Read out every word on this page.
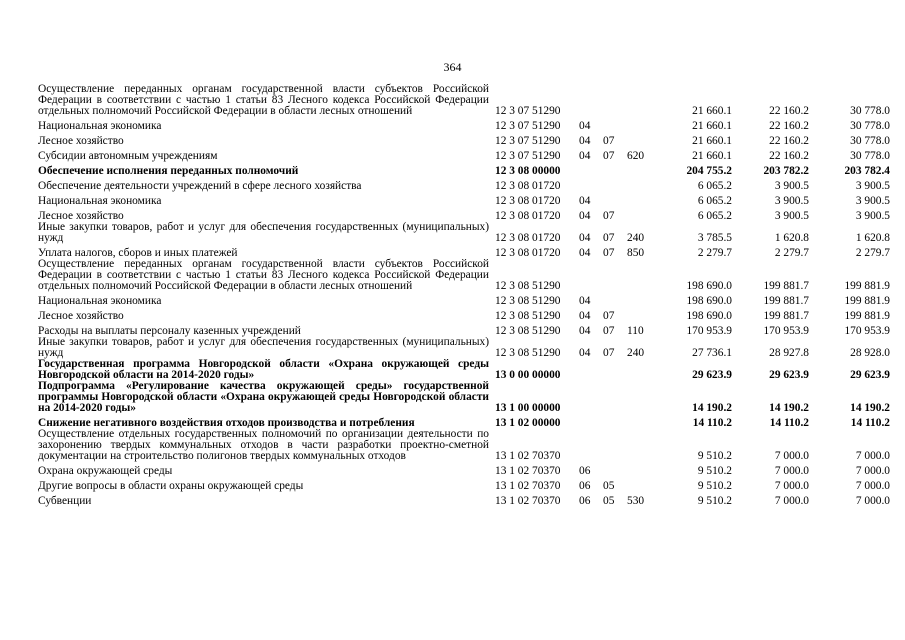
364
Осуществление переданных органам государственной власти субъектов Российской Федерации в соответствии с частью 1 статьи 83 Лесного кодекса Российской Федерации отдельных полномочий Российской Федерации в области лесных отношений	12 3 07 51290				21 660.1	22 160.2	30 778.0
Национальная экономика	12 3 07 51290	04			21 660.1	22 160.2	30 778.0
Лесное хозяйство	12 3 07 51290	04	07		21 660.1	22 160.2	30 778.0
Субсидии автономным учреждениям	12 3 07 51290	04	07	620	21 660.1	22 160.2	30 778.0
Обеспечение исполнения переданных полномочий	12 3 08 00000				204 755.2	203 782.2	203 782.4
Обеспечение деятельности учреждений в сфере лесного хозяйства	12 3 08 01720				6 065.2	3 900.5	3 900.5
Национальная экономика	12 3 08 01720	04			6 065.2	3 900.5	3 900.5
Лесное хозяйство	12 3 08 01720	04	07		6 065.2	3 900.5	3 900.5
Иные закупки товаров, работ и услуг для обеспечения государственных (муниципальных) нужд	12 3 08 01720	04	07	240	3 785.5	1 620.8	1 620.8
Уплата налогов, сборов и иных платежей	12 3 08 01720	04	07	850	2 279.7	2 279.7	2 279.7
Осуществление переданных органам государственной власти субъектов Российской Федерации в соответствии с частью 1 статьи 83 Лесного кодекса Российской Федерации отдельных полномочий Российской Федерации в области лесных отношений	12 3 08 51290				198 690.0	199 881.7	199 881.9
Национальная экономика	12 3 08 51290	04			198 690.0	199 881.7	199 881.9
Лесное хозяйство	12 3 08 51290	04	07		198 690.0	199 881.7	199 881.9
Расходы на выплаты персоналу казенных учреждений	12 3 08 51290	04	07	110	170 953.9	170 953.9	170 953.9
Иные закупки товаров, работ и услуг для обеспечения государственных (муниципальных) нужд	12 3 08 51290	04	07	240	27 736.1	28 927.8	28 928.0
Государственная программа Новгородской области «Охрана окружающей среды Новгородской области на 2014-2020 годы»	13 0 00 00000				29 623.9	29 623.9	29 623.9
Подпрограмма «Регулирование качества окружающей среды» государственной программы Новгородской области «Охрана окружающей среды Новгородской области на 2014-2020 годы»	13 1 00 00000				14 190.2	14 190.2	14 190.2
Снижение негативного воздействия отходов производства и потребления	13 1 02 00000				14 110.2	14 110.2	14 110.2
Осуществление отдельных государственных полномочий по организации деятельности по захоронению твердых коммунальных отходов в части разработки проектно-сметной документации на строительство полигонов твердых коммунальных отходов	13 1 02 70370				9 510.2	7 000.0	7 000.0
Охрана окружающей среды	13 1 02 70370	06			9 510.2	7 000.0	7 000.0
Другие вопросы в области охраны окружающей среды	13 1 02 70370	06	05		9 510.2	7 000.0	7 000.0
Субвенции	13 1 02 70370	06	05	530	9 510.2	7 000.0	7 000.0
